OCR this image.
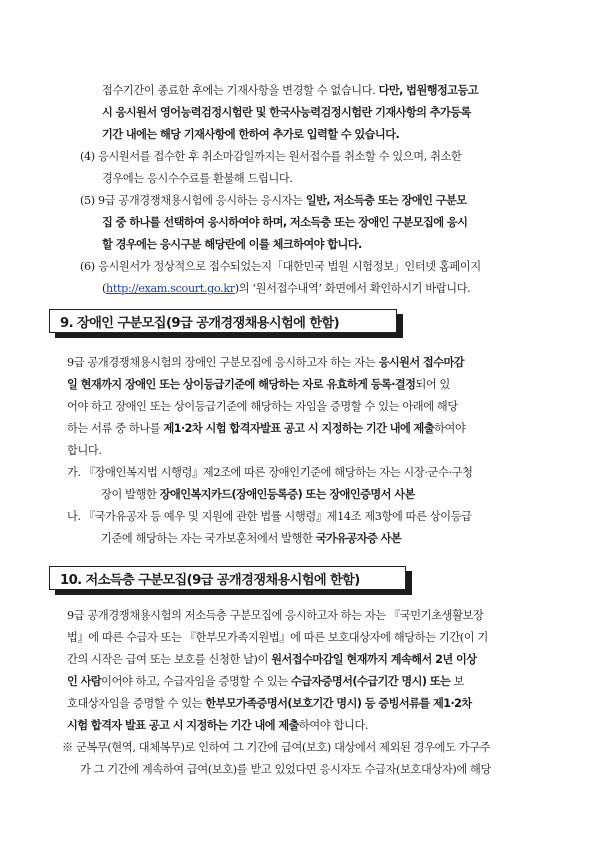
접수기간이 종료한 후에는 기재사항을 변경할 수 없습니다. 다만, 법원행정고등고
시 응시원서 영어능력검정시험란 및 한국사능력검정시험란 기재사항의 추가등록
기간 내에는 해당 기재사항에 한하여 추가로 입력할 수 있습니다.
(4) 응시원서를 접수한 후 취소마감일까지는 원서접수를 취소할 수 있으며, 취소한
경우에는 응시수수료를 환불해 드립니다.
(5) 9급 공개경쟁채용시험에 응시하는 응시자는 일반, 저소득층 또는 장애인 구분모
집 중 하나를 선택하여 응시하여야 하며, 저소득층 또는 장애인 구분모집에 응시
할 경우에는 응시구분 해당란에 이를 체크하여야 합니다.
(6) 응시원서가 정상적으로 접수되었는지「대한민국 법원 시험정보」인터넷 홈페이지
(http://exam.scourt.go.kr)의 ‘원서접수내역’ 화면에서 확인하시기 바랍니다.
9. 장애인 구분모집(9급 공개경쟁채용시험에 한함)
9급 공개경쟁채용시험의 장애인 구분모집에 응시하고자 하는 자는 응시원서 접수마감
일 현재까지 장애인 또는 상이등급기준에 해당하는 자로 유효하게 등록·결정되어 있
어야 하고 장애인 또는 상이등급기준에 해당하는 자임을 증명할 수 있는 아래에 해당
하는 서류 중 하나를 제1·2차 시험 합격자발표 공고 시 지정하는 기간 내에 제출하여야
합니다.
가. 『장애인복지법 시행령』제2조에 따른 장애인기준에 해당하는 자는 시장·군수·구청
장이 발행한 장애인복지카드(장애인등록증) 또는 장애인증명서 사본
나. 『국가유공자 등 예우 및 지원에 관한 법률 시행령』제14조 제3항에 따른 상이등급
기준에 해당하는 자는 국가보훈처에서 발행한 국가유공자증 사본
10. 저소득층 구분모집(9급 공개경쟁채용시험에 한함)
9급 공개경쟁채용시험의 저소득층 구분모집에 응시하고자 하는 자는 『국민기초생활보장
법』에 따른 수급자 또는 『한부모가족지원법』에 따른 보호대상자에 해당하는 기간(이 기
간의 시작은 급여 또는 보호를 신청한 날)이 원서접수마감일 현재까지 계속해서 2년 이상
인 사람이어야 하고, 수급자임을 증명할 수 있는 수급자증명서(수급기간 명시) 또는 보
호대상자임을 증명할 수 있는 한부모가족증명서(보호기간 명시) 등 증빙서류를 제1·2차
시험 합격자 발표 공고 시 지정하는 기간 내에 제출하여야 합니다.
※ 군복무(현역, 대체복무)로 인하여 그 기간에 급여(보호) 대상에서 제외된 경우에도 가구주
가 그 기간에 계속하여 급여(보호)를 받고 있었다면 응시자도 수급자(보호대상자)에 해당
